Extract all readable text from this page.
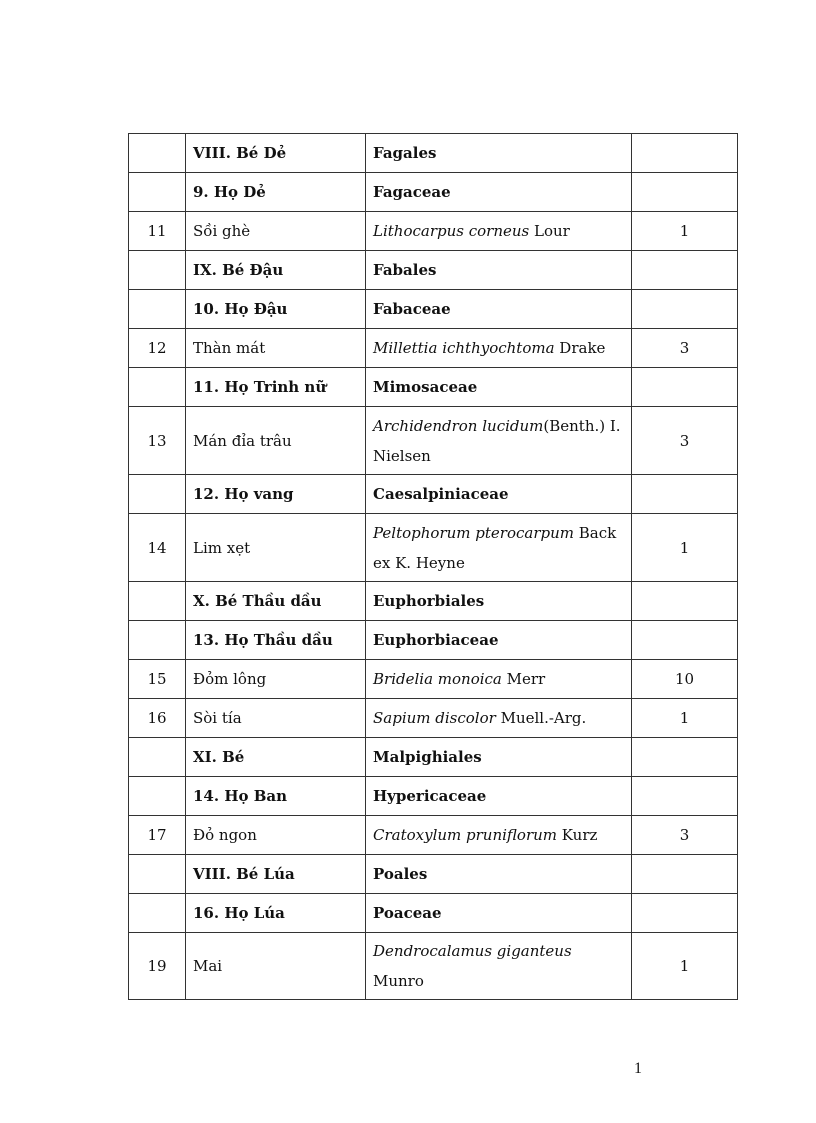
	VIII. Bé Dẻ	Fagales	
	9. Họ Dẻ	Fagaceae	
11	Sồi ghè	Lithocarpus corneus Lour	1
	IX. Bé Đậu	Fabales	
	10. Họ Đậu	Fabaceae	
12	Thàn mát	Millettia ichthyochtoma Drake	3
	11. Họ Trinh nữ	Mimosaceae	
13	Mán đỉa trâu	Archidendron lucidum(Benth.) I. Nielsen	3
	12. Họ vang	Caesalpiniaceae	
14	Lim xẹt	Peltophorum pterocarpum Back ex K. Heyne	1
	X. Bé Thầu dầu	Euphorbiales	
	13. Họ Thầu dầu	Euphorbiaceae	
15	Đỏm lông	Bridelia monoica Merr	10
16	Sòi tía	Sapium discolor Muell.-Arg.	1
	XI. Bé	Malpighiales	
	14. Họ Ban	Hypericaceae	
17	Đỏ ngon	Cratoxylum pruniflorum Kurz	3
	VIII. Bé Lúa	Poales	
	16. Họ Lúa	Poaceae	
19	Mai	Dendrocalamus giganteus Munro	1
1
